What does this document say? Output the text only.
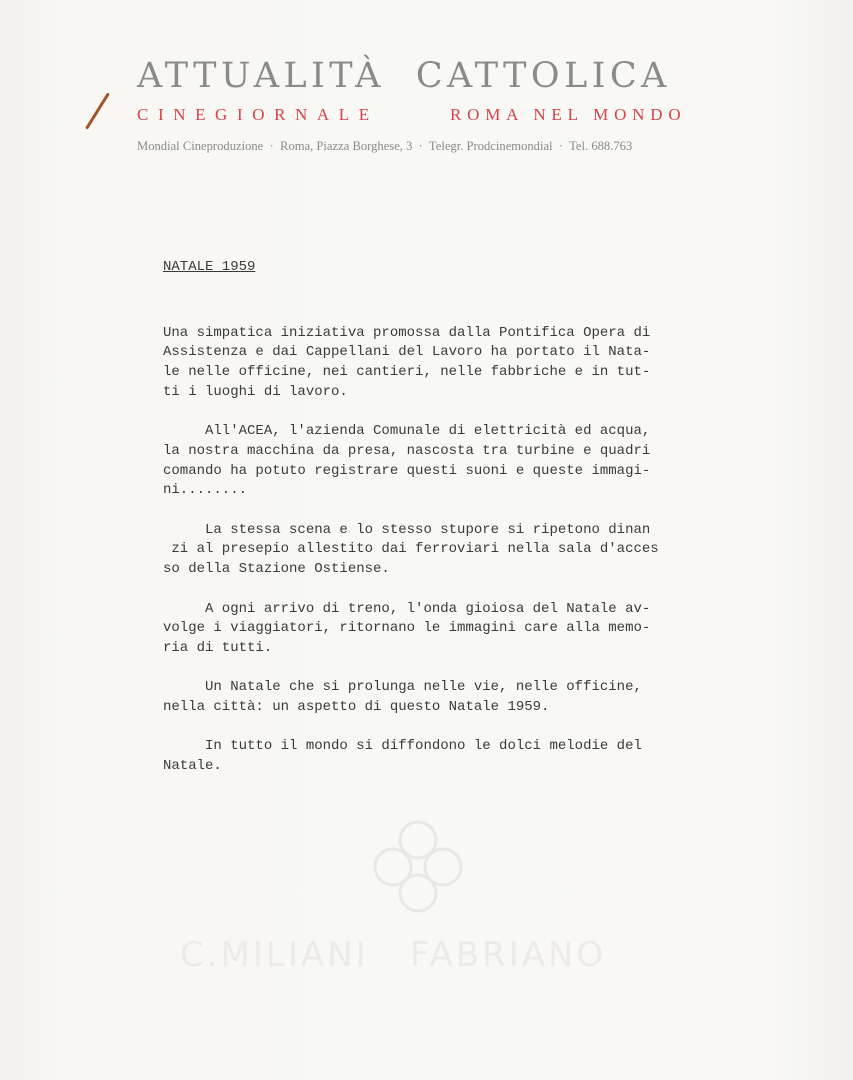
ATTUALITÀ  CATTOLICA
CINEGIORNALE	ROMA NEL MONDO
Mondial Cineproduzione  ·  Roma, Piazza Borghese, 3  ·  Telegr. Prodcinemondial  ·  Tel. 688.763
C.MILIANI   FABRIANO
NATALE 1959
Una simpatica iniziativa promossa dalla Pontifica Opera di
Assistenza e dai Cappellani del Lavoro ha portato il Nata-
le nelle officine, nei cantieri, nelle fabbriche e in tut-
ti i luoghi di lavoro.
All'ACEA, l'azienda Comunale di elettricità ed acqua,
la nostra macchina da presa, nascosta tra turbine e quadri
comando ha potuto registrare questi suoni e queste immagi-
ni........
La stessa scena e lo stesso stupore si ripetono dinan
zi al presepio allestito dai ferroviari nella sala d'acces
so della Stazione Ostiense.
A ogni arrivo di treno, l'onda gioiosa del Natale av-
volge i viaggiatori, ritornano le immagini care alla memo-
ria di tutti.
Un Natale che si prolunga nelle vie, nelle officine,
nella città: un aspetto di questo Natale 1959.
In tutto il mondo si diffondono le dolci melodie del
Natale.
